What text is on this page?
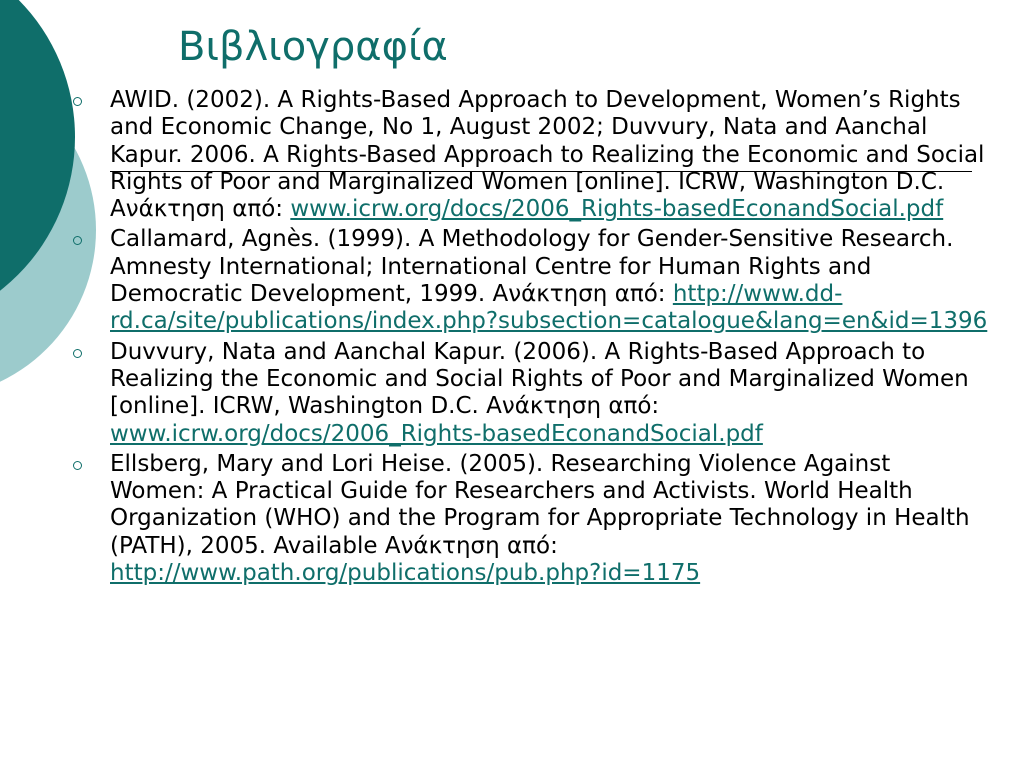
Βιβλιογραφία
AWID. (2002). A Rights-Based Approach to Development, Women’s Rights and Economic Change, No 1, August 2002; Duvvury, Nata and Aanchal Kapur. 2006. A Rights-Based Approach to Realizing the Economic and Social Rights of Poor and Marginalized Women [online]. ICRW, Washington D.C. Ανάκτηση από: www.icrw.org/docs/2006_Rights-basedEconandSocial.pdf
Callamard, Agnès. (1999). A Methodology for Gender-Sensitive Research. Amnesty International; International Centre for Human Rights and Democratic Development, 1999. Ανάκτηση από: http://www.dd-rd.ca/site/publications/index.php?subsection=catalogue&lang=en&id=1396
Duvvury, Nata and Aanchal Kapur. (2006). A Rights-Based Approach to Realizing the Economic and Social Rights of Poor and Marginalized Women [online]. ICRW, Washington D.C. Ανάκτηση από: www.icrw.org/docs/2006_Rights-basedEconandSocial.pdf
Ellsberg, Mary and Lori Heise. (2005). Researching Violence Against Women: A Practical Guide for Researchers and Activists. World Health Organization (WHO) and the Program for Appropriate Technology in Health (PATH), 2005. Available Ανάκτηση από: http://www.path.org/publications/pub.php?id=1175
